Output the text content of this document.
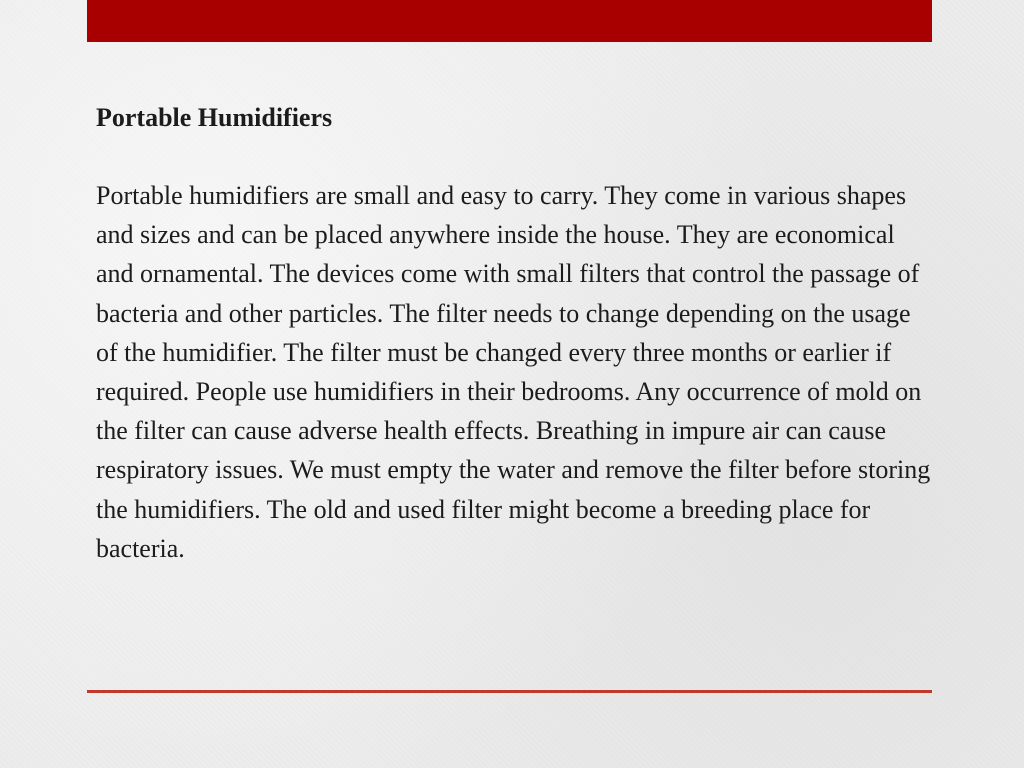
Portable Humidifiers

Portable humidifiers are small and easy to carry. They come in various shapes and sizes and can be placed anywhere inside the house. They are economical and ornamental. The devices come with small filters that control the passage of bacteria and other particles. The filter needs to change depending on the usage of the humidifier. The filter must be changed every three months or earlier if required. People use humidifiers in their bedrooms. Any occurrence of mold on the filter can cause adverse health effects. Breathing in impure air can cause respiratory issues. We must empty the water and remove the filter before storing the humidifiers. The old and used filter might become a breeding place for bacteria.
